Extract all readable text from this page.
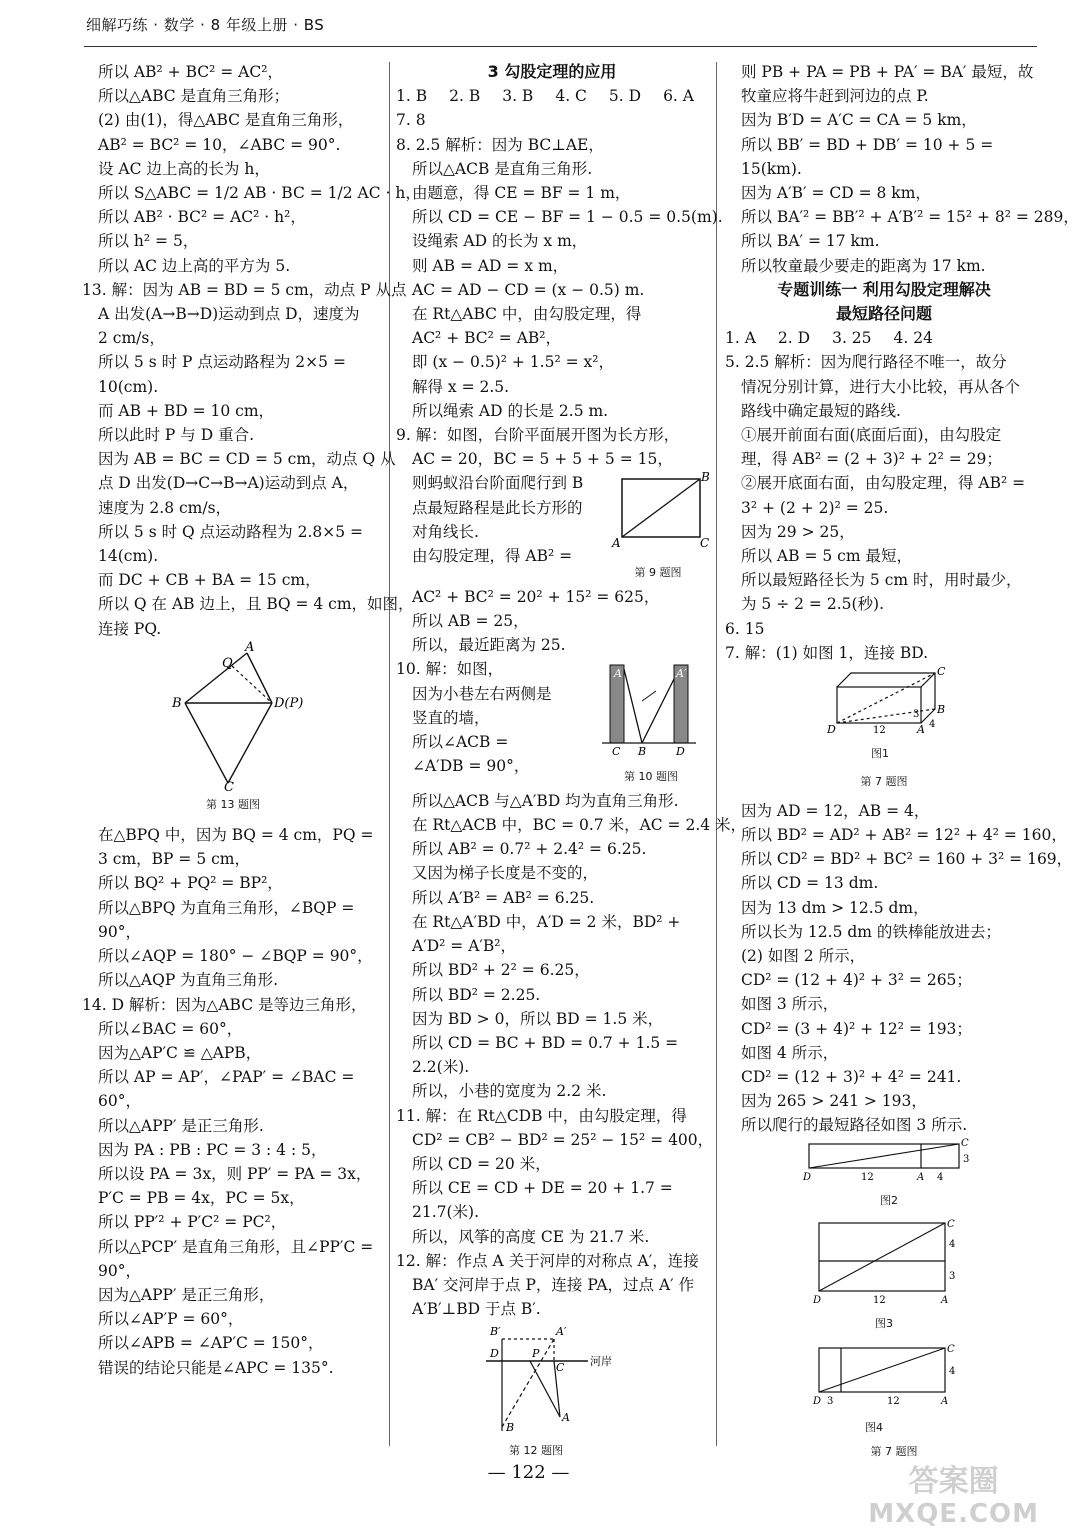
细解巧练 · 数学 · 8 年级上册 · BS
所以 AB² + BC² = AC²，
所以△ABC 是直角三角形；
(2) 由(1)，得△ABC 是直角三角形，
AB² = BC² = 10，∠ABC = 90°.
设 AC 边上高的长为 h，
所以 S△ABC = 1/2 AB · BC = 1/2 AC · h，
所以 AB² · BC² = AC² · h²，
所以 h² = 5，
所以 AC 边上高的平方为 5.
13. 解：因为 AB = BD = 5 cm，动点 P 从点
A 出发(A→B→D)运动到点 D，速度为
2 cm/s，
所以 5 s 时 P 点运动路程为 2×5 =
10(cm).
而 AB + BD = 10 cm，
所以此时 P 与 D 重合.
因为 AB = BC = CD = 5 cm，动点 Q 从
点 D 出发(D→C→B→A)运动到点 A，
速度为 2.8 cm/s，
所以 5 s 时 Q 点运动路程为 2.8×5 =
14(cm).
而 DC + CB + BA = 15 cm，
所以 Q 在 AB 边上，且 BQ = 4 cm，如图，
连接 PQ.
A
Q
B	D(P)
C
第 13 题图
在△BPQ 中，因为 BQ = 4 cm，PQ =
3 cm，BP = 5 cm，
所以 BQ² + PQ² = BP²，
所以△BPQ 为直角三角形，∠BQP =
90°，
所以∠AQP = 180° − ∠BQP = 90°，
所以△AQP 为直角三角形.
14. D 解析：因为△ABC 是等边三角形，
所以∠BAC = 60°，
因为△AP′C ≌ △APB，
所以 AP = AP′，∠PAP′ = ∠BAC =
60°，
所以△APP′ 是正三角形.
因为 PA : PB : PC = 3 : 4 : 5，
所以设 PA = 3x，则 PP′ = PA = 3x，
P′C = PB = 4x，PC = 5x，
所以 PP′² + P′C² = PC²，
所以△PCP′ 是直角三角形，且∠PP′C =
90°，
因为△APP′ 是正三角形，
所以∠AP′P = 60°，
所以∠APB = ∠AP′C = 150°，
错误的结论只能是∠APC = 135°.
3 勾股定理的应用
1. B 2. B 3. B 4. C 5. D 6. A
7. 8
8. 2.5 解析：因为 BC⊥AE，
所以△ACB 是直角三角形.
由题意，得 CE = BF = 1 m，
所以 CD = CE − BF = 1 − 0.5 = 0.5(m).
设绳索 AD 的长为 x m，
则 AB = AD = x m，
AC = AD − CD = (x − 0.5) m.
在 Rt△ABC 中，由勾股定理，得
AC² + BC² = AB²，
即 (x − 0.5)² + 1.5² = x²，
解得 x = 2.5.
所以绳索 AD 的长是 2.5 m.
9. 解：如图，台阶平面展开图为长方形，
AC = 20，BC = 5 + 5 + 5 = 15，
则蚂蚁沿台阶面爬行到 B
点最短路程是此长方形的
对角线长.
由勾股定理，得 AB² =
B
A	C
第 9 题图
AC² + BC² = 20² + 15² = 625，
所以 AB = 25，
所以，最近距离为 25.
10. 解：如图，
因为小巷左右两侧是
竖直的墙，
所以∠ACB =
∠A′DB = 90°，
A	A′
C B	D
第 10 题图
所以△ACB 与△A′BD 均为直角三角形.
在 Rt△ACB 中，BC = 0.7 米，AC = 2.4 米，
所以 AB² = 0.7² + 2.4² = 6.25.
又因为梯子长度是不变的，
所以 A′B² = AB² = 6.25.
在 Rt△A′BD 中，A′D = 2 米，BD² +
A′D² = A′B²，
所以 BD² + 2² = 6.25，
所以 BD² = 2.25.
因为 BD > 0，所以 BD = 1.5 米，
所以 CD = BC + BD = 0.7 + 1.5 =
2.2(米).
所以，小巷的宽度为 2.2 米.
11. 解：在 Rt△CDB 中，由勾股定理，得
CD² = CB² − BD² = 25² − 15² = 400，
所以 CD = 20 米，
所以 CE = CD + DE = 20 + 1.7 =
21.7(米).
所以，风筝的高度 CE 为 21.7 米.
12. 解：作点 A 关于河岸的对称点 A′，连接
BA′ 交河岸于点 P，连接 PA，过点 A′ 作
A′B′⊥BD 于点 B′.
B′	A′
D	P
C 河岸
A
B
第 12 题图
则 PB + PA = PB + PA′ = BA′ 最短，故
牧童应将牛赶到河边的点 P.
因为 B′D = A′C = CA = 5 km，
所以 BB′ = BD + DB′ = 10 + 5 =
15(km).
因为 A′B′ = CD = 8 km，
所以 BA′² = BB′² + A′B′² = 15² + 8² = 289，
所以 BA′ = 17 km.
所以牧童最少要走的距离为 17 km.
专题训练一 利用勾股定理解决
最短路径问题
1. A 2. D 3. 25 4. 24
5. 2.5 解析：因为爬行路径不唯一，故分
情况分别计算，进行大小比较，再从各个
路线中确定最短的路线.
①展开前面右面(底面后面)，由勾股定
理，得 AB² = (2 + 3)² + 2² = 29；
②展开底面右面，由勾股定理，得 AB² =
3² + (2 + 2)² = 25.
因为 29 > 25，
所以 AB = 5 cm 最短，
所以最短路径长为 5 cm 时，用时最少，
为 5 ÷ 2 = 2.5(秒).
6. 15
7. 解：(1) 如图 1，连接 BD.
C
B
D	A
12
4
3
图1
第 7 题图
因为 AD = 12，AB = 4，
所以 BD² = AD² + AB² = 12² + 4² = 160，
所以 CD² = BD² + BC² = 160 + 3² = 169，
所以 CD = 13 dm.
因为 13 dm > 12.5 dm，
所以长为 12.5 dm 的铁棒能放进去；
(2) 如图 2 所示，
CD² = (12 + 4)² + 3² = 265；
如图 3 所示，
CD² = (3 + 4)² + 12² = 193；
如图 4 所示，
CD² = (12 + 3)² + 4² = 241.
因为 265 > 241 > 193，
所以爬行的最短路径如图 3 所示.
C
3
D	12	A 4
图2
C
4
3
D	12	A
图3
C
4
D 3	12	A
图4
第 7 题图
— 122 —	答案圈
MXQE.COM
